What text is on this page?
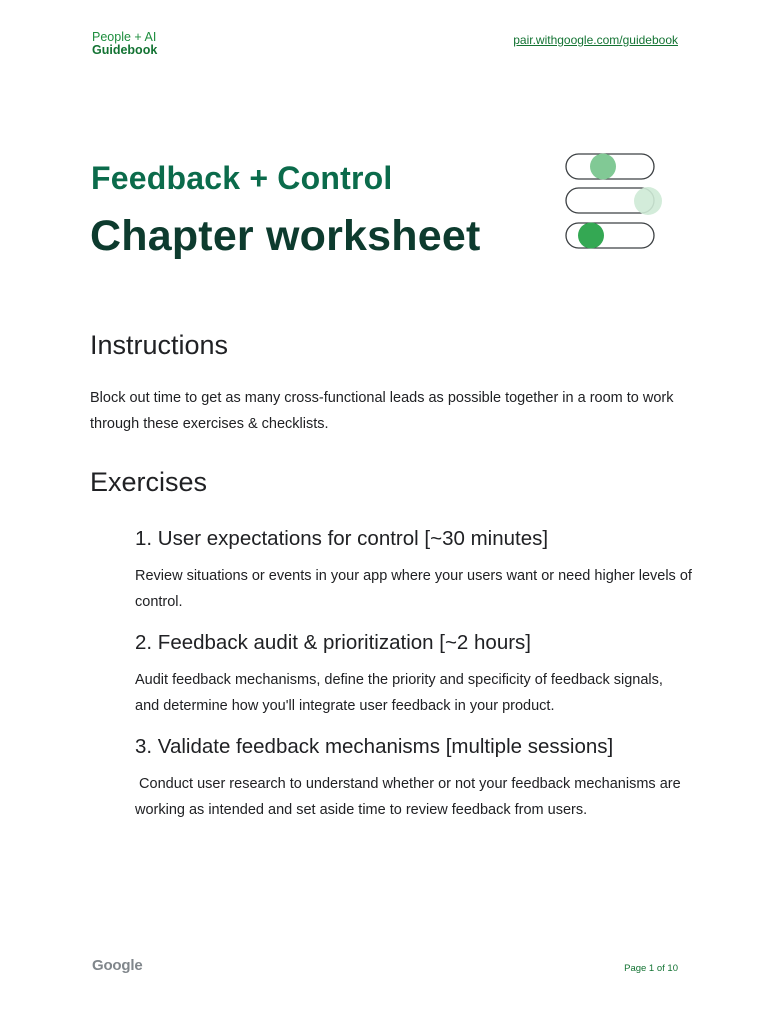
People + AI
Guidebook
pair.withgoogle.com/guidebook
Feedback + Control
Chapter worksheet
Instructions
Block out time to get as many cross-functional leads as possible together in a room to work through these exercises & checklists.
Exercises
1. User expectations for control [~30 minutes]
Review situations or events in your app where your users want or need higher levels of control.
2. Feedback audit & prioritization [~2 hours]
Audit feedback mechanisms, define the priority and specificity of feedback signals, and determine how you'll integrate user feedback in your product.
3. Validate feedback mechanisms [multiple sessions]
Conduct user research to understand whether or not your feedback mechanisms are working as intended and set aside time to review feedback from users.
Google	Page 1 of 10
